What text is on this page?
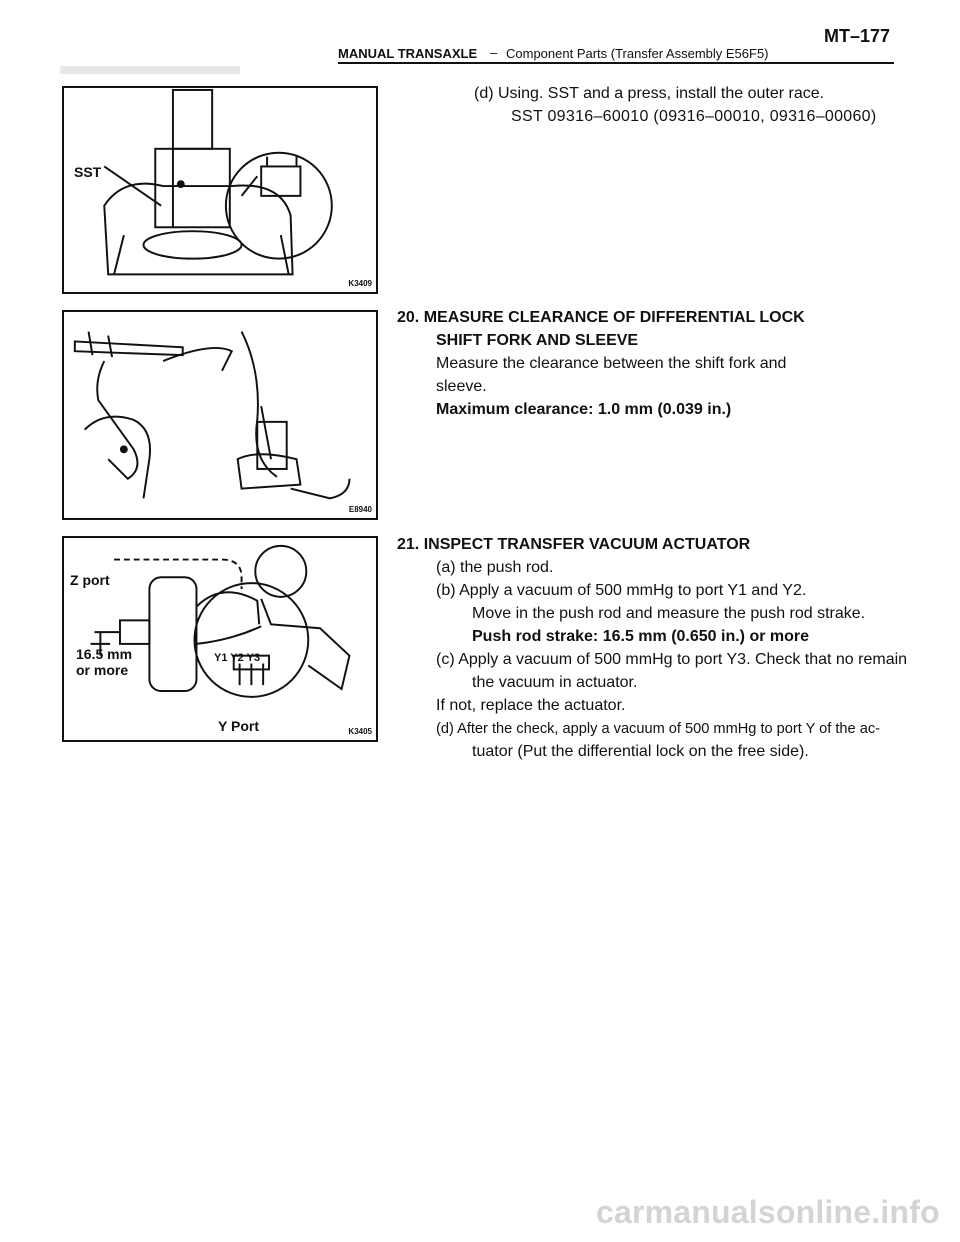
MANUAL TRANSAXLE – Component Parts (Transfer Assembly E56F5)
MT–177
SST
K3409
E8940
Z port
16.5 mm
or more
Y1 Y2 Y3
Y Port	K3405
(d) Using. SST and a press, install the outer race.
SST 09316–60010 (09316–00010, 09316–00060)
20. MEASURE CLEARANCE OF DIFFERENTIAL LOCK
SHIFT FORK AND SLEEVE
Measure the clearance between the shift fork and
sleeve.
Maximum clearance: 1.0 mm (0.039 in.)
21. INSPECT TRANSFER VACUUM ACTUATOR
(a) the push rod.
(b) Apply a vacuum of 500 mmHg to port Y1 and Y2.
Move in the push rod and measure the push rod strake.
Push rod strake: 16.5 mm (0.650 in.) or more
(c) Apply a vacuum of 500 mmHg to port Y3. Check that no remain
the vacuum in actuator.
If not, replace the actuator.
(d) After the check, apply a vacuum of 500 mmHg to port Y of the ac-
tuator (Put the differential lock on the free side).
carmanualsonline.info
